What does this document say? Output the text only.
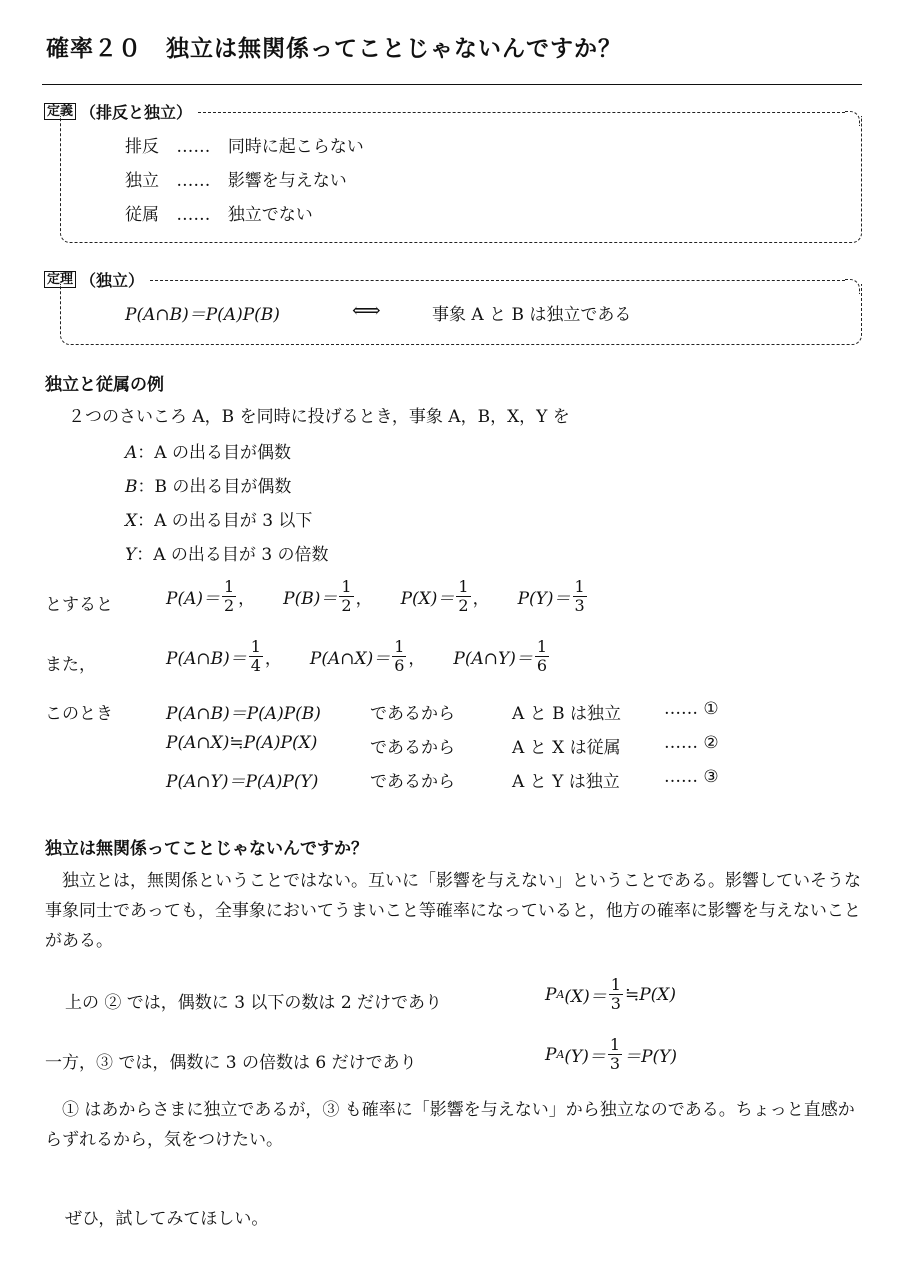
確率２０　独立は無関係ってことじゃないんですか？
定義 （排反と独立）
排反 …… 同時に起こらない
独立 …… 影響を与えない
従属 …… 独立でない
定理 （独立）
P(A∩B)＝P(A)P(B)	⟺	事象 A と B は独立である
独立と従属の例
２つのさいころ A，B を同時に投げるとき，事象 A，B，X，Y を
A：A の出る目が偶数
B：B の出る目が偶数
X：A の出る目が 3 以下
Y：A の出る目が 3 の倍数
とすると	$P(A)= \frac{1}{2}$ ， $P(B)= \frac{1}{2}$ ， $P(X)= \frac{1}{2}$ ， $P(Y)= \frac{1}{3}$
また，	P(A∩B)＝ $\frac{1}{4}$ ， P(A∩X)＝ $\frac{1}{6}$ ， P(A∩Y)＝ $\frac{1}{6}$
このとき	P(A∩B)＝P(A)P(B)	であるから	A と B は独立	…… ①
P(A∩X)≒P(A)P(X)	であるから	A と X は従属	…… ②
P(A∩Y)＝P(A)P(Y)	であるから	A と Y は独立	…… ③
独立は無関係ってことじゃないんですか？
　独立とは，無関係ということではない。互いに「影響を与えない」ということである。影響していそうな事象同士であっても，全事象においてうまいこと等確率になっていると，他方の確率に影響を与えないことがある。
上の ② では，偶数に 3 以下の数は 2 だけであり	P A $(X)= \frac{1}{3}$ ≒P(X)
一方，③ では，偶数に 3 の倍数は 6 だけであり	P A $(Y)= \frac{1}{3} =P(Y)$
　① はあからさまに独立であるが，③ も確率に「影響を与えない」から独立なのである。ちょっと直感からずれるから，気をつけたい。
ぜひ，試してみてほしい。
